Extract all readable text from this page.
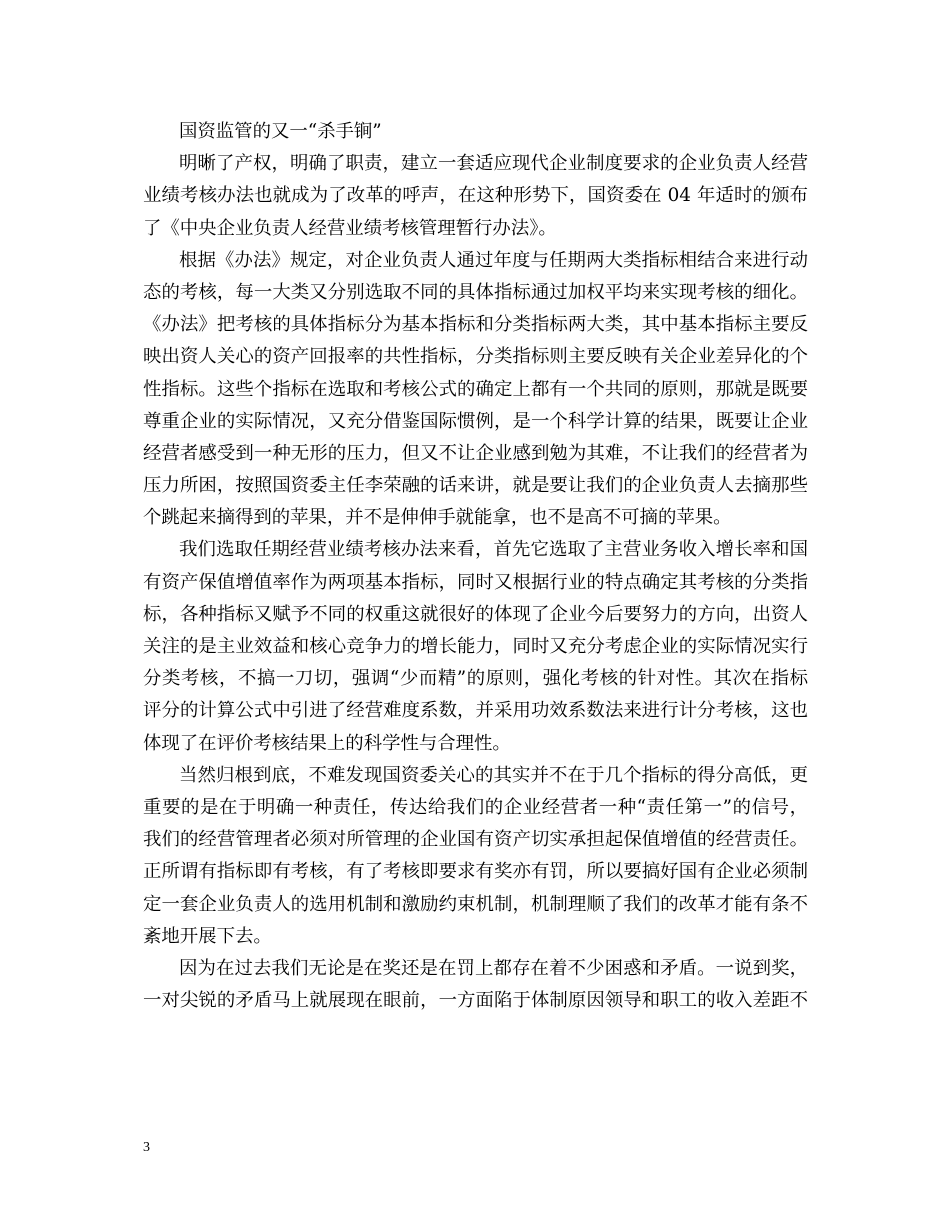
国资监管的又一“杀手锏”
明晰了产权，明确了职责，建立一套适应现代企业制度要求的企业负责人经营
业绩考核办法也就成为了改革的呼声，在这种形势下，国资委在 04 年适时的颁布
了《中央企业负责人经营业绩考核管理暂行办法》。
根据《办法》规定，对企业负责人通过年度与任期两大类指标相结合来进行动
态的考核，每一大类又分别选取不同的具体指标通过加权平均来实现考核的细化。
《办法》把考核的具体指标分为基本指标和分类指标两大类，其中基本指标主要反
映出资人关心的资产回报率的共性指标，分类指标则主要反映有关企业差异化的个
性指标。这些个指标在选取和考核公式的确定上都有一个共同的原则，那就是既要
尊重企业的实际情况，又充分借鉴国际惯例，是一个科学计算的结果，既要让企业
经营者感受到一种无形的压力，但又不让企业感到勉为其难，不让我们的经营者为
压力所困，按照国资委主任李荣融的话来讲，就是要让我们的企业负责人去摘那些
个跳起来摘得到的苹果，并不是伸伸手就能拿，也不是高不可摘的苹果。
我们选取任期经营业绩考核办法来看，首先它选取了主营业务收入增长率和国
有资产保值增值率作为两项基本指标，同时又根据行业的特点确定其考核的分类指
标，各种指标又赋予不同的权重这就很好的体现了企业今后要努力的方向，出资人
关注的是主业效益和核心竞争力的增长能力，同时又充分考虑企业的实际情况实行
分类考核，不搞一刀切，强调“少而精”的原则，强化考核的针对性。其次在指标
评分的计算公式中引进了经营难度系数，并采用功效系数法来进行计分考核，这也
体现了在评价考核结果上的科学性与合理性。
当然归根到底，不难发现国资委关心的其实并不在于几个指标的得分高低，更
重要的是在于明确一种责任，传达给我们的企业经营者一种“责任第一”的信号，
我们的经营管理者必须对所管理的企业国有资产切实承担起保值增值的经营责任。
正所谓有指标即有考核，有了考核即要求有奖亦有罚，所以要搞好国有企业必须制
定一套企业负责人的选用机制和激励约束机制，机制理顺了我们的改革才能有条不
紊地开展下去。
因为在过去我们无论是在奖还是在罚上都存在着不少困惑和矛盾。一说到奖，
一对尖锐的矛盾马上就展现在眼前，一方面陷于体制原因领导和职工的收入差距不
3
